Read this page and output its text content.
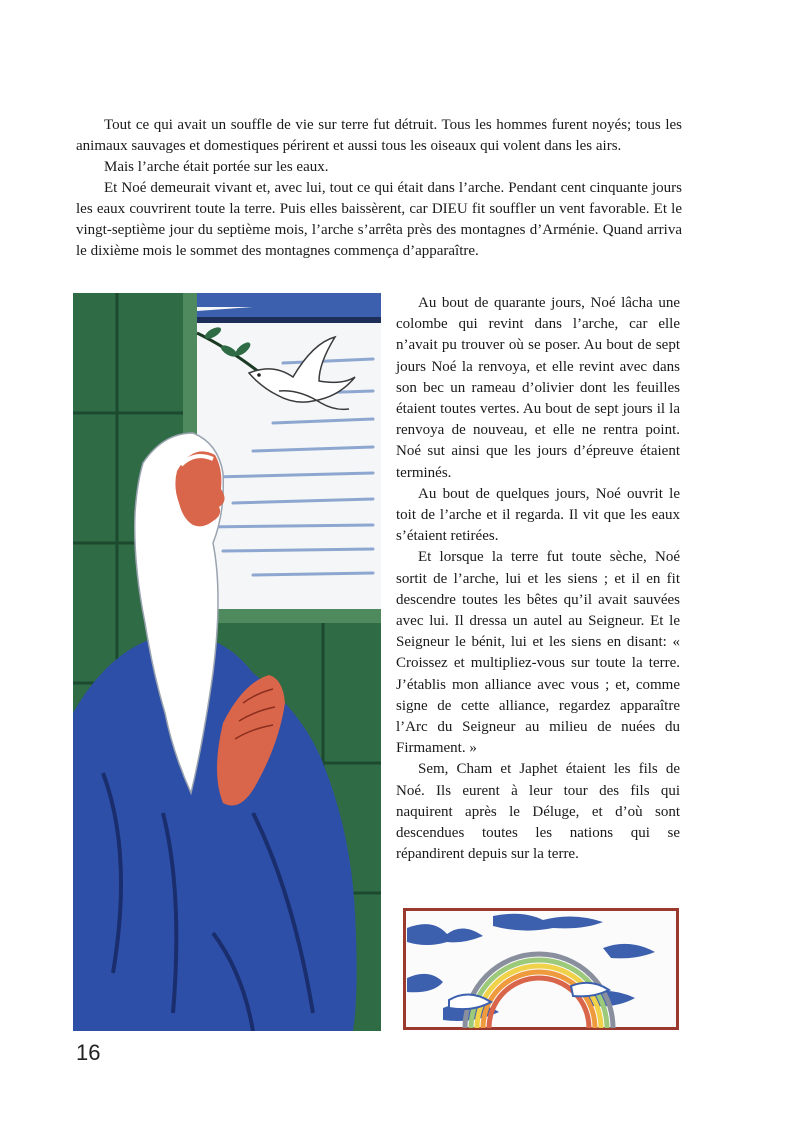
Tout ce qui avait un souffle de vie sur terre fut détruit. Tous les hommes furent noyés; tous les animaux sauvages et domestiques périrent et aussi tous les oiseaux qui volent dans les airs.

Mais l’arche était portée sur les eaux.

Et Noé demeurait vivant et, avec lui, tout ce qui était dans l’arche. Pendant cent cinquante jours les eaux couvrirent toute la terre. Puis elles baissèrent, car DIEU fit souffler un vent favorable. Et le vingt-septième jour du septième mois, l’arche s’arrêta près des montagnes d’Arménie. Quand arriva le dixième mois le sommet des montagnes commença d’apparaître.

Au bout de quarante jours, Noé lâcha une colombe qui revint dans l’arche, car elle n’avait pu trouver où se poser. Au bout de sept jours Noé la renvoya, et elle revint avec dans son bec un rameau d’olivier dont les feuilles étaient toutes vertes. Au bout de sept jours il la renvoya de nouveau, et elle ne rentra point. Noé sut ainsi que les jours d’épreuve étaient terminés.

Au bout de quelques jours, Noé ouvrit le toit de l’arche et il regarda. Il vit que les eaux s’étaient retirées.

Et lorsque la terre fut toute sèche, Noé sortit de l’arche, lui et les siens ; et il en fit descendre toutes les bêtes qu’il avait sauvées avec lui. Il dressa un autel au Seigneur. Et le Seigneur le bénit, lui et les siens en disant: « Croissez et multipliez-vous sur toute la terre. J’établis mon alliance avec vous ; et, comme signe de cette alliance, regardez apparaître l’Arc du Seigneur au milieu de nuées du Firmament. »

Sem, Cham et Japhet étaient les fils de Noé. Ils eurent à leur tour des fils qui naquirent après le Déluge, et d’où sont descendues toutes les nations qui se répandirent depuis sur la terre.

16
